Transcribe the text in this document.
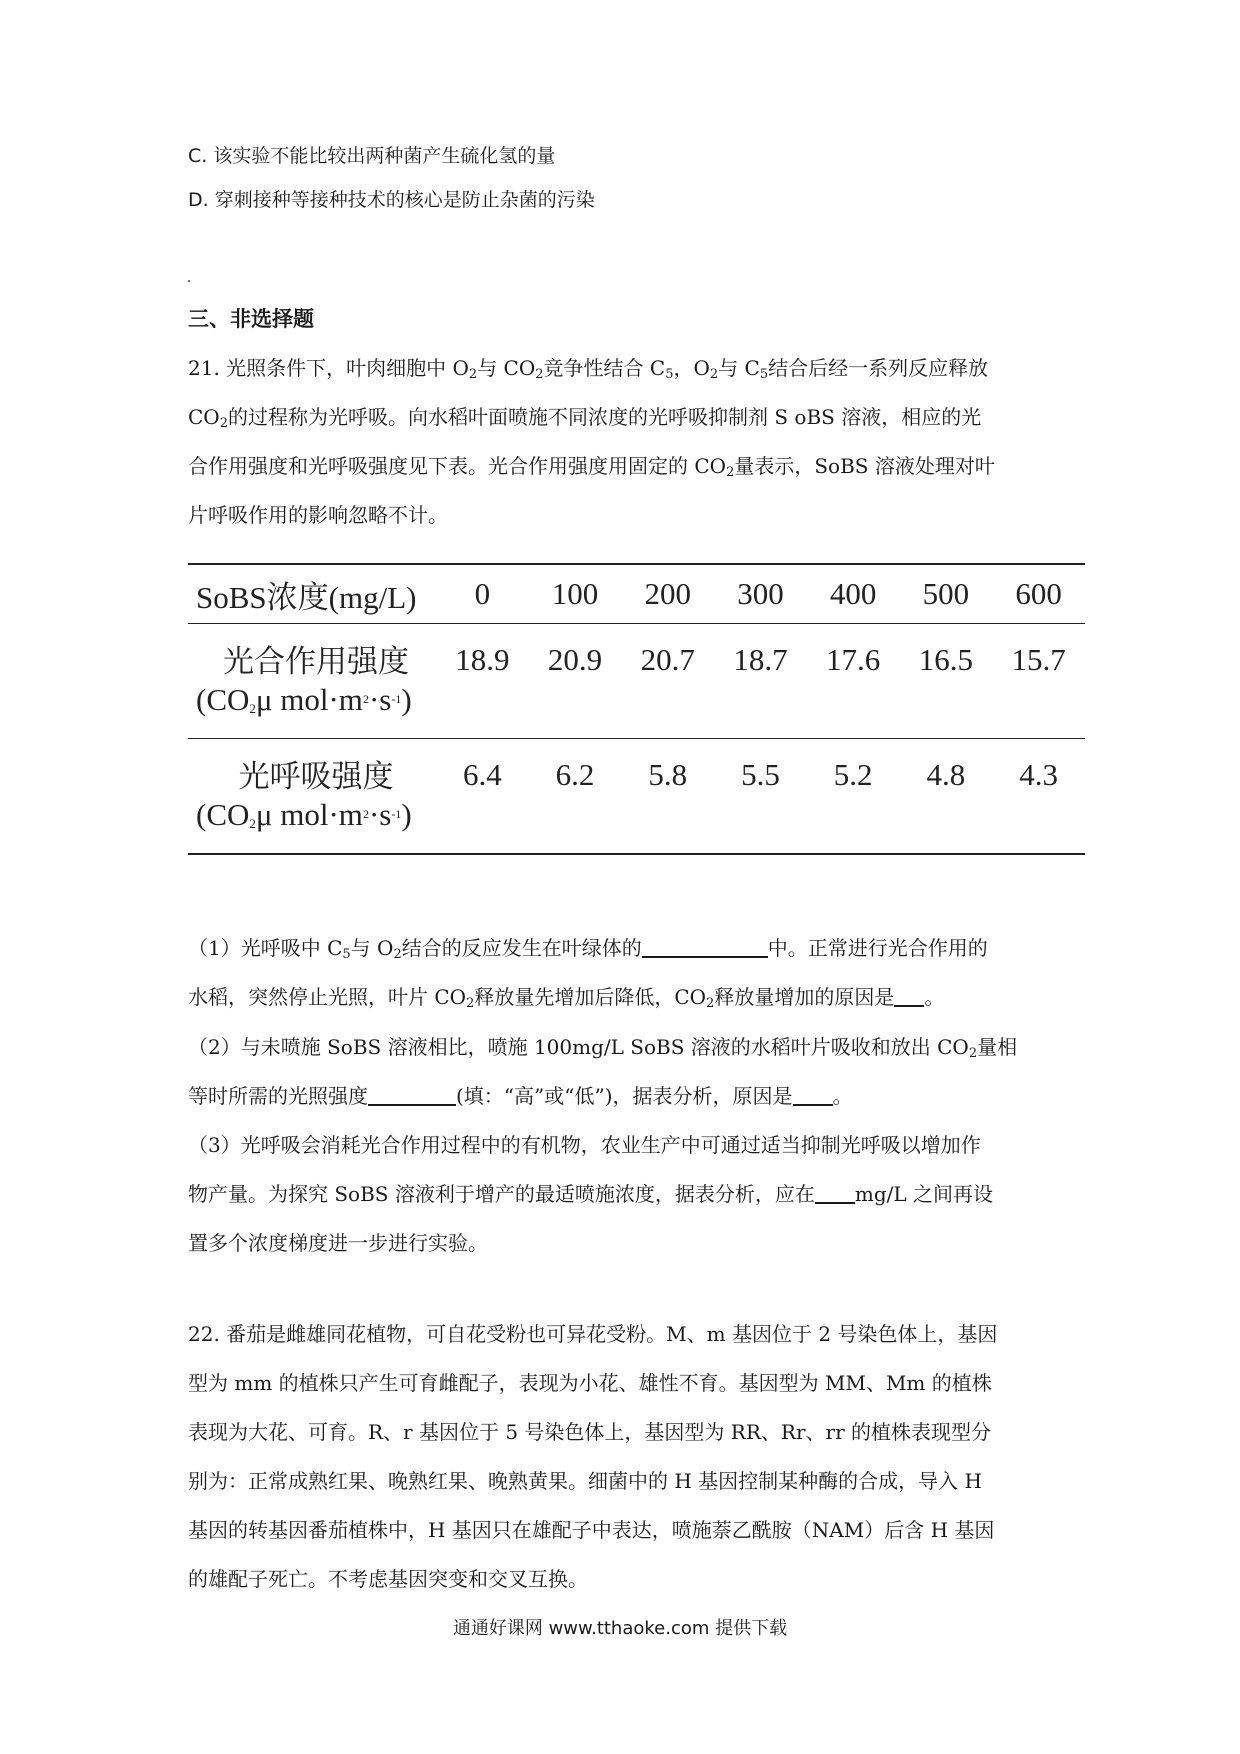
C. 该实验不能比较出两种菌产生硫化氢的量
D. 穿刺接种等接种技术的核心是防止杂菌的污染
三、非选择题
21. 光照条件下，叶肉细胞中 $O_2$与 $CO_2$竞争性结合 $C_5$，$O_2$与 $C_5$结合后经一系列反应释放
$CO_2$的过程称为光呼吸。向水稻叶面喷施不同浓度的光呼吸抑制剂 S oBS 溶液，相应的光
合作用强度和光呼吸强度见下表。光合作用强度用固定的 $CO_2$量表示，SoBS 溶液处理对叶
片呼吸作用的影响忽略不计。
SoBS浓度(mg/L)	0	100	200	300	400	500	600

光合作用强度
($CO_2\mu$ $mol\cdot m^2\cdot s^{-1}$)	18.9	20.9	20.7	18.7	17.6	16.5	15.7

光呼吸强度
($CO_2\mu$ $mol\cdot m^2\cdot s^{-1}$)	6.4	6.2	5.8	5.5	5.2	4.8	4.3
（1）光呼吸中 $C_5$与 $O_2$结合的反应发生在叶绿体的	中。正常进行光合作用的
水稻，突然停止光照，叶片 $CO_2$释放量先增加后降低，$CO_2$释放量增加的原因是 。
（2）与未喷施 SoBS 溶液相比，喷施 100mg/L SoBS 溶液的水稻叶片吸收和放出 $CO_2$量相
等时所需的光照强度	(填：“高”或“低”)，据表分析，原因是 。
（3）光呼吸会消耗光合作用过程中的有机物，农业生产中可通过适当抑制光呼吸以增加作
物产量。为探究 SoBS 溶液利于增产的最适喷施浓度，据表分析，应在 mg/L 之间再设
置多个浓度梯度进一步进行实验。
22. 番茄是雌雄同花植物，可自花受粉也可异花受粉。M、m 基因位于 2 号染色体上，基因
型为 mm 的植株只产生可育雌配子，表现为小花、雄性不育。基因型为 MM、Mm 的植株
表现为大花、可育。R、r 基因位于 5 号染色体上，基因型为 RR、Rr、rr 的植株表现型分
别为：正常成熟红果、晚熟红果、晚熟黄果。细菌中的 H 基因控制某种酶的合成，导入 H
基因的转基因番茄植株中，H 基因只在雄配子中表达，喷施萘乙酰胺（NAM）后含 H 基因
的雄配子死亡。不考虑基因突变和交叉互换。
通通好课网 www.tthaoke.com 提供下载
